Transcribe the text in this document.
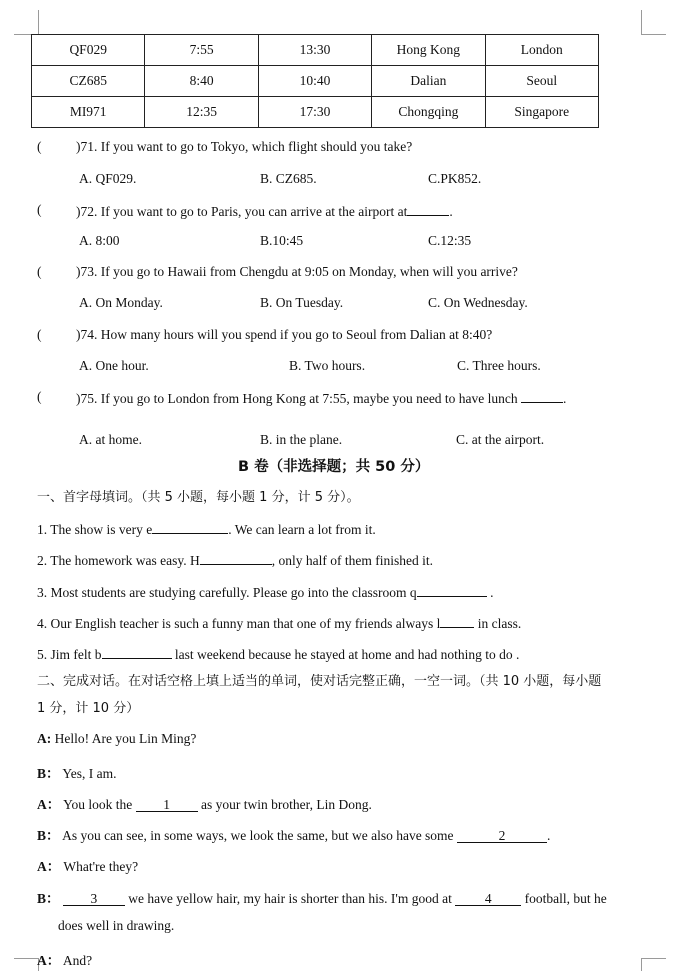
QF029	7:55	13:30	Hong Kong	London
CZ685	8:40	10:40	Dalian	Seoul
MI971	12:35	17:30	Chongqing	Singapore
(	)71. If you want to go to Tokyo, which flight should you take?
A. QF029.	B. CZ685.	C.PK852.
(	)72. If you want to go to Paris, you can arrive at the airport at	.
A. 8:00	B.10:45	C.12:35
(	)73. If you go to Hawaii from Chengdu at 9:05 on Monday, when will you arrive?
A. On Monday.	B. On Tuesday.	C. On Wednesday.
(	)74. How many hours will you spend if you go to Seoul from Dalian at 8:40?
A. One hour.	B. Two hours.	C. Three hours.
(	)75. If you go to London from Hong Kong at 7:55, maybe you need to have lunch	.
A. at home.	B. in the plane.	C. at the airport.
B 卷（非选择题；共 50 分）
一、首字母填词。（共 5 小题，每小题 1 分，计 5 分）。
1. The show is very e	. We can learn a lot from it.
2. The homework was easy. H	, only half of them finished it.
3. Most students are studying carefully. Please go into the classroom q	.
4. Our English teacher is such a funny man that one of my friends always l	in class.
5. Jim felt b	last weekend because he stayed at home and had nothing to do .
二、完成对话。在对话空格上填上适当的单词，使对话完整正确，一空一词。（共 10 小题，每小题
1 分，计 10 分）
A: Hello! Are you Lin Ming?
B： Yes, I am.
A： You look the 1 as your twin brother, Lin Dong.
B： As you can see, in some ways, we look the same, but we also have some	2	.
A： What're they?
B： 3 we have yellow hair, my hair is shorter than his. I'm good at 4 football, but he
does well in drawing.
A： And?
